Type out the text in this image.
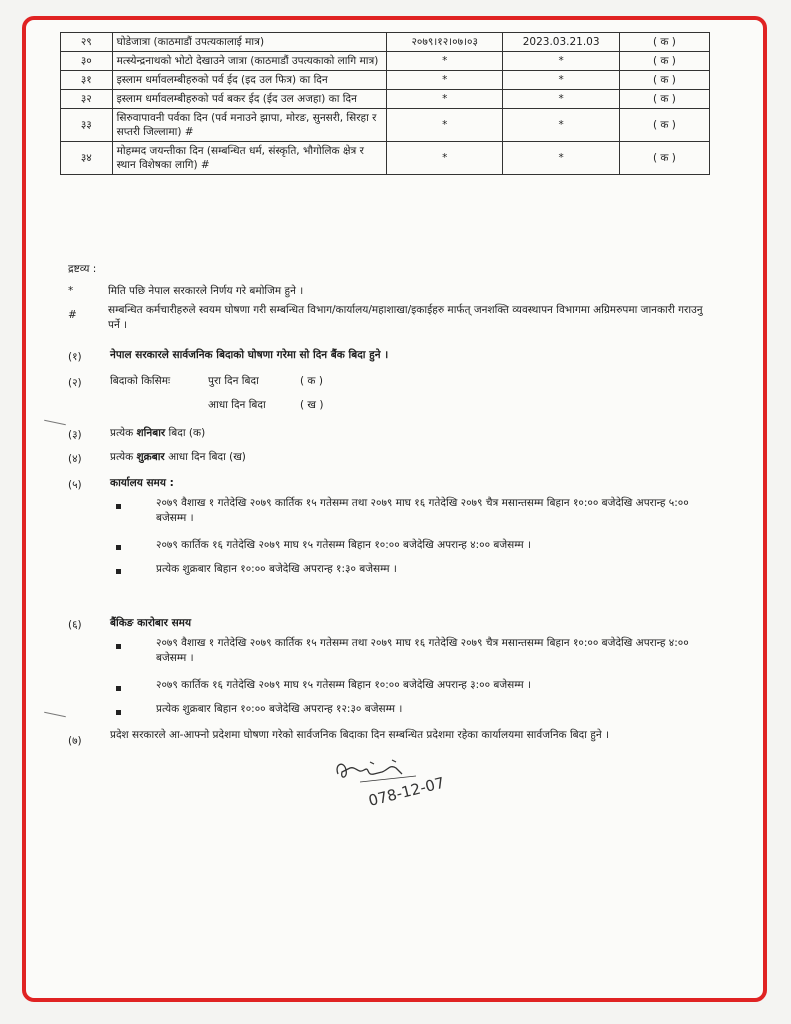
२९	घोडेजात्रा (काठमाडौं उपत्यकालाई मात्र)	२०७९।१२।०७।०३	2023.03.21.03	( क )
३०	मत्स्येन्द्रनाथको भोटो देखाउने जात्रा (काठमाडौं उपत्यकाको लागि मात्र)	*	*	( क )
३१	इस्लाम धर्मावलम्बीहरुको पर्व ईद (इद उल फित्र) का दिन	*	*	( क )
३२	इस्लाम धर्मावलम्बीहरुको पर्व बकर ईद (ईद उल अजहा) का दिन	*	*	( क )
३३	सिरुवापावनी पर्वका दिन (पर्व मनाउने झापा, मोरङ, सुनसरी, सिरहा र सप्तरी जिल्लामा) #	*	*	( क )
३४	मोहम्मद जयन्तीका दिन (सम्बन्धित धर्म, संस्कृति, भौगोलिक क्षेत्र र स्थान विशेषका लागि) #	*	*	( क )
द्रष्टव्य :
*	मिति पछि नेपाल सरकारले निर्णय गरे बमोजिम हुने ।
#	सम्बन्धित कर्मचारीहरुले स्वयम घोषणा गरी सम्बन्धित विभाग/कार्यालय/महाशाखा/इकाईहरु मार्फत् जनशक्ति व्यवस्थापन विभागमा अग्रिमरुपमा जानकारी गराउनु पर्ने ।
(१)	नेपाल सरकारले सार्वजनिक बिदाको घोषणा गरेमा सो दिन बैंक बिदा हुने ।
(२)	बिदाको किसिमः	पुरा दिन बिदा	( क )
आधा दिन बिदा	( ख )
(३)	प्रत्येक शनिबार बिदा (क)
(४)	प्रत्येक शुक्रबार आधा दिन बिदा (ख)
(५)	कार्यालय समय :
२०७९ वैशाख १ गतेदेखि २०७९ कार्तिक १५ गतेसम्म तथा २०७९ माघ १६ गतेदेखि २०७९ चैत्र मसान्तसम्म बिहान १०:०० बजेदेखि अपरान्ह ५:०० बजेसम्म ।
२०७९ कार्तिक १६ गतेदेखि २०७९ माघ १५ गतेसम्म बिहान १०:०० बजेदेखि अपरान्ह ४:०० बजेसम्म ।
प्रत्येक शुक्रबार बिहान १०:०० बजेदेखि अपरान्ह १:३० बजेसम्म ।
(६)	बैंकिङ कारोबार समय
२०७९ वैशाख १ गतेदेखि २०७९ कार्तिक १५ गतेसम्म तथा २०७९ माघ १६ गतेदेखि २०७९ चैत्र मसान्तसम्म बिहान १०:०० बजेदेखि अपरान्ह ४:०० बजेसम्म ।
२०७९ कार्तिक १६ गतेदेखि २०७९ माघ १५ गतेसम्म बिहान १०:०० बजेदेखि अपरान्ह ३:०० बजेसम्म ।
प्रत्येक शुक्रबार बिहान १०:०० बजेदेखि अपरान्ह १२:३० बजेसम्म ।
(७)	प्रदेश सरकारले आ-आफ्नो प्रदेशमा घोषणा गरेको सार्वजनिक बिदाका दिन सम्बन्धित प्रदेशमा रहेका कार्यालयमा सार्वजनिक बिदा हुने ।
078-12-07
